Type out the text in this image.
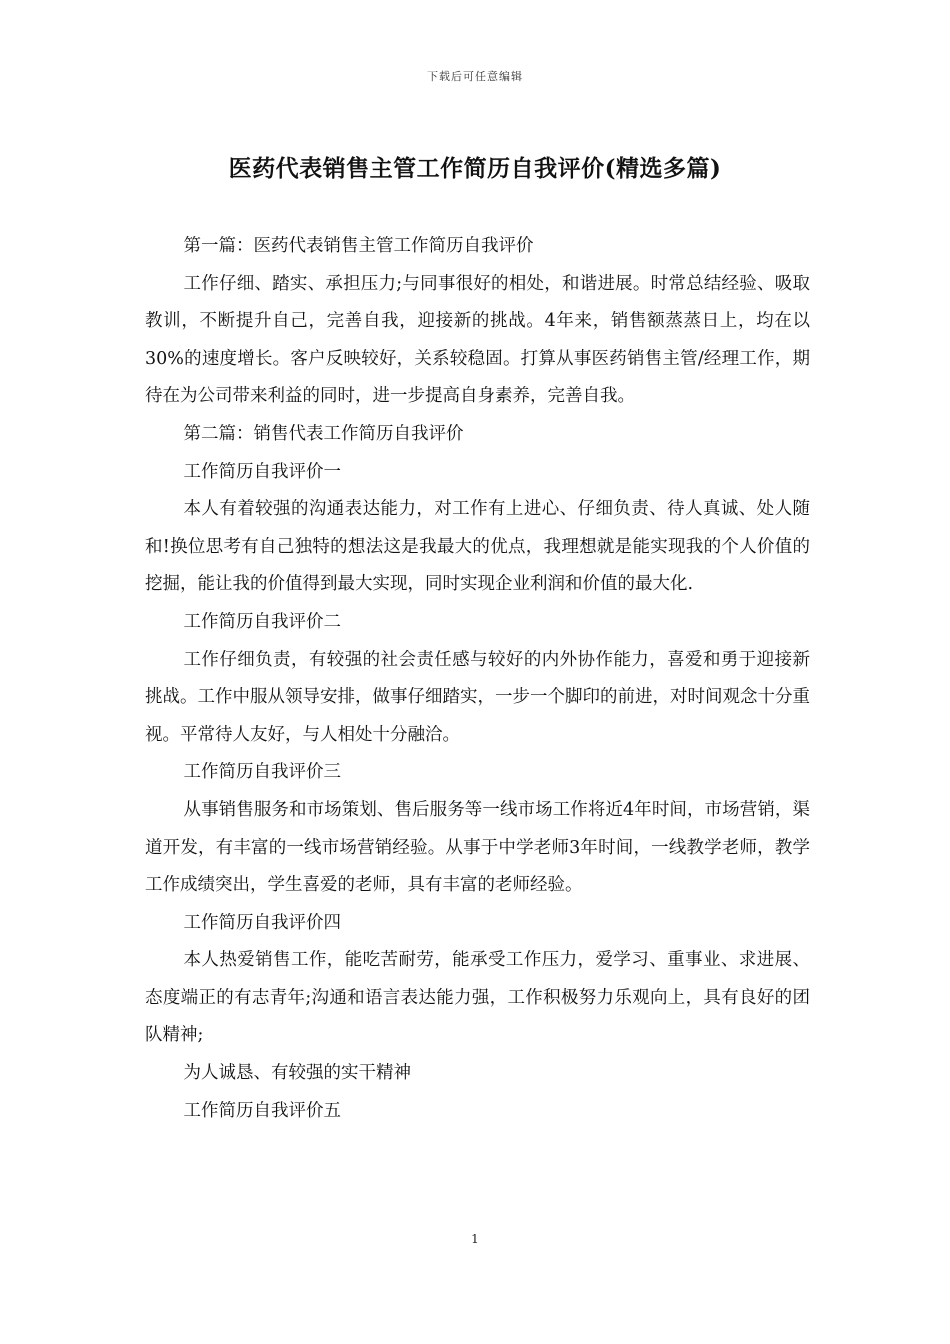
下载后可任意编辑
医药代表销售主管工作简历自我评价(精选多篇)

第一篇：医药代表销售主管工作简历自我评价

工作仔细、踏实、承担压力;与同事很好的相处，和谐进展。时常总结经验、吸取教训，不断提升自己，完善自我，迎接新的挑战。4年来，销售额蒸蒸日上，均在以30%的速度增长。客户反映较好，关系较稳固。打算从事医药销售主管/经理工作，期待在为公司带来利益的同时，进一步提高自身素养，完善自我。

第二篇：销售代表工作简历自我评价

工作简历自我评价一

本人有着较强的沟通表达能力，对工作有上进心、仔细负责、待人真诚、处人随和!换位思考有自己独特的想法这是我最大的优点，我理想就是能实现我的个人价值的挖掘，能让我的价值得到最大实现，同时实现企业利润和价值的最大化.

工作简历自我评价二

工作仔细负责，有较强的社会责任感与较好的内外协作能力，喜爱和勇于迎接新挑战。工作中服从领导安排，做事仔细踏实，一步一个脚印的前进，对时间观念十分重视。平常待人友好，与人相处十分融洽。

工作简历自我评价三

从事销售服务和市场策划、售后服务等一线市场工作将近4年时间，市场营销，渠道开发，有丰富的一线市场营销经验。从事于中学老师3年时间，一线教学老师，教学工作成绩突出，学生喜爱的老师，具有丰富的老师经验。

工作简历自我评价四

本人热爱销售工作，能吃苦耐劳，能承受工作压力，爱学习、重事业、求进展、态度端正的有志青年;沟通和语言表达能力强，工作积极努力乐观向上，具有良好的团队精神;

为人诚恳、有较强的实干精神

工作简历自我评价五

1
